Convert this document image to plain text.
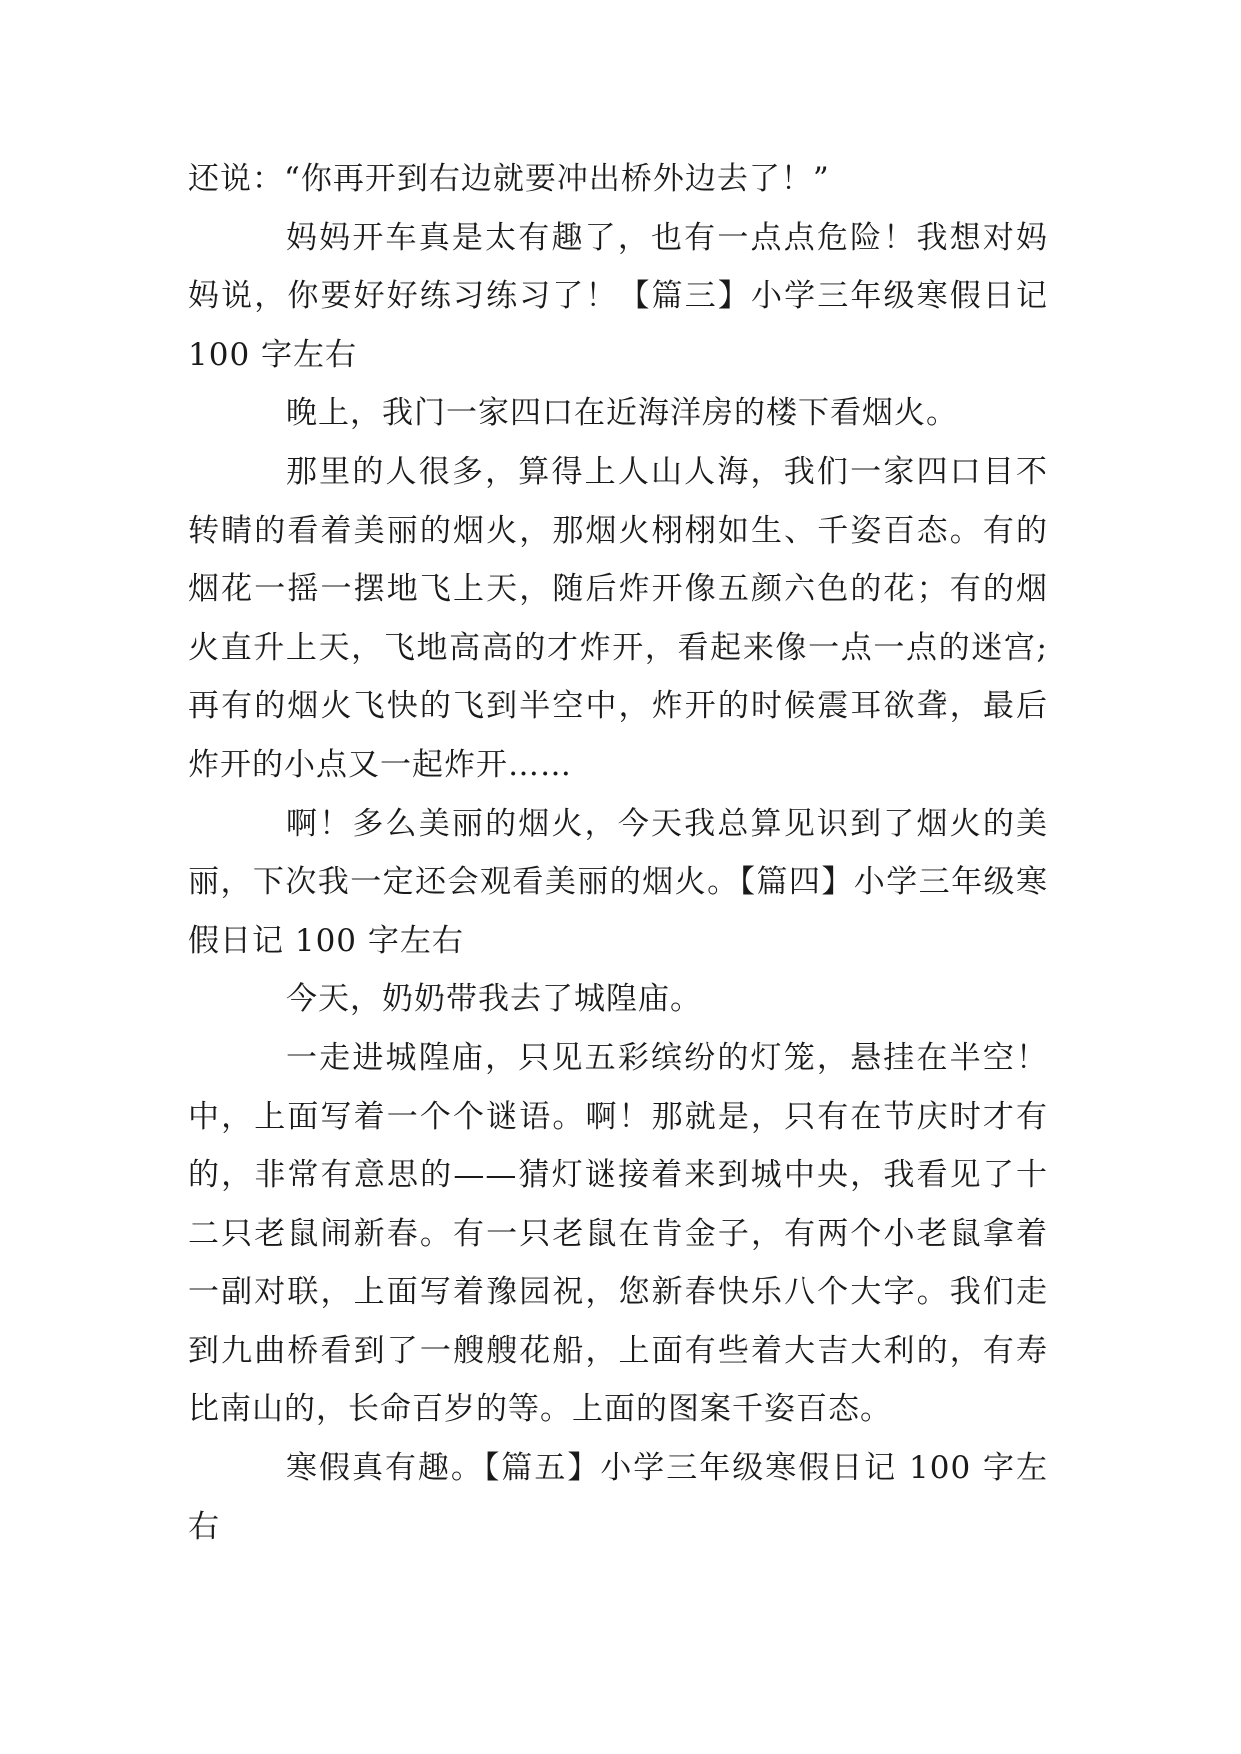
还说：“你再开到右边就要冲出桥外边去了！”

妈妈开车真是太有趣了，也有一点点危险！我想对妈妈说，你要好好练习练习了！【篇三】小学三年级寒假日记 100 字左右

晚上，我门一家四口在近海洋房的楼下看烟火。

那里的人很多，算得上人山人海，我们一家四口目不转睛的看着美丽的烟火，那烟火栩栩如生、千姿百态。有的烟花一摇一摆地飞上天，随后炸开像五颜六色的花；有的烟火直升上天，飞地高高的才炸开，看起来像一点一点的迷宫;再有的烟火飞快的飞到半空中，炸开的时候震耳欲聋，最后炸开的小点又一起炸开……

啊！多么美丽的烟火，今天我总算见识到了烟火的美丽，下次我一定还会观看美丽的烟火。【篇四】小学三年级寒假日记 100 字左右

今天，奶奶带我去了城隍庙。

一走进城隍庙，只见五彩缤纷的灯笼，悬挂在半空！中，上面写着一个个谜语。啊！那就是，只有在节庆时才有的，非常有意思的——猜灯谜接着来到城中央，我看见了十二只老鼠闹新春。有一只老鼠在肯金子，有两个小老鼠拿着一副对联，上面写着豫园祝，您新春快乐八个大字。我们走到九曲桥看到了一艘艘花船，上面有些着大吉大利的，有寿比南山的，长命百岁的等。上面的图案千姿百态。

寒假真有趣。【篇五】小学三年级寒假日记 100 字左右
